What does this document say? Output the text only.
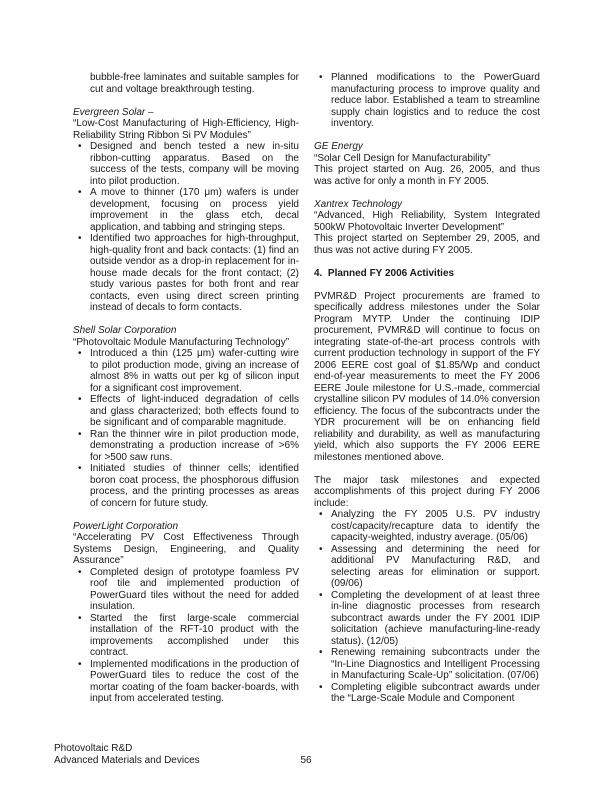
bubble-free laminates and suitable samples for cut and voltage breakthrough testing.
Evergreen Solar –
“Low-Cost Manufacturing of High-Efficiency, High-Reliability String Ribbon Si PV Modules”
• Designed and bench tested a new in-situ ribbon-cutting apparatus. Based on the success of the tests, company will be moving into pilot production.
• A move to thinner (170 μm) wafers is under development, focusing on process yield improvement in the glass etch, decal application, and tabbing and stringing steps.
• Identified two approaches for high-throughput, high-quality front and back contacts: (1) find an outside vendor as a drop-in replacement for in-house made decals for the front contact; (2) study various pastes for both front and rear contacts, even using direct screen printing instead of decals to form contacts.
Shell Solar Corporation
“Photovoltaic Module Manufacturing Technology”
• Introduced a thin (125 μm) wafer-cutting wire to pilot production mode, giving an increase of almost 8% in watts out per kg of silicon input for a significant cost improvement.
• Effects of light-induced degradation of cells and glass characterized; both effects found to be significant and of comparable magnitude.
• Ran the thinner wire in pilot production mode, demonstrating a production increase of >6% for >500 saw runs.
• Initiated studies of thinner cells; identified boron coat process, the phosphorous diffusion process, and the printing processes as areas of concern for future study.
PowerLight Corporation
“Accelerating PV Cost Effectiveness Through Systems Design, Engineering, and Quality Assurance”
• Completed design of prototype foamless PV roof tile and implemented production of PowerGuard tiles without the need for added insulation.
• Started the first large-scale commercial installation of the RFT-10 product with the improvements accomplished under this contract.
• Implemented modifications in the production of PowerGuard tiles to reduce the cost of the mortar coating of the foam backer-boards, with input from accelerated testing.
• Planned modifications to the PowerGuard manufacturing process to improve quality and reduce labor. Established a team to streamline supply chain logistics and to reduce the cost inventory.
GE Energy
“Solar Cell Design for Manufacturability”
This project started on Aug. 26, 2005, and thus was active for only a month in FY 2005.
Xantrex Technology
“Advanced, High Reliability, System Integrated 500kW Photovoltaic Inverter Development”
This project started on September 29, 2005, and thus was not active during FY 2005.
4.  Planned FY 2006 Activities
PVMR&D Project procurements are framed to specifically address milestones under the Solar Program MYTP. Under the continuing IDIP procurement, PVMR&D will continue to focus on integrating state-of-the-art process controls with current production technology in support of the FY 2006 EERE cost goal of $1.85/Wp and conduct end-of-year measurements to meet the FY 2006 EERE Joule milestone for U.S.-made, commercial crystalline silicon PV modules of 14.0% conversion efficiency. The focus of the subcontracts under the YDR procurement will be on enhancing field reliability and durability, as well as manufacturing yield, which also supports the FY 2006 EERE milestones mentioned above.
The major task milestones and expected accomplishments of this project during FY 2006 include:
• Analyzing the FY 2005 U.S. PV industry cost/capacity/recapture data to identify the capacity-weighted, industry average. (05/06)
• Assessing and determining the need for additional PV Manufacturing R&D, and selecting areas for elimination or support. (09/06)
• Completing the development of at least three in-line diagnostic processes from research subcontract awards under the FY 2001 IDIP solicitation (achieve manufacturing-line-ready status). (12/05)
• Renewing remaining subcontracts under the “In-Line Diagnostics and Intelligent Processing in Manufacturing Scale-Up” solicitation. (07/06)
• Completing eligible subcontract awards under the “Large-Scale Module and Component
Photovoltaic R&D
Advanced Materials and Devices	56
